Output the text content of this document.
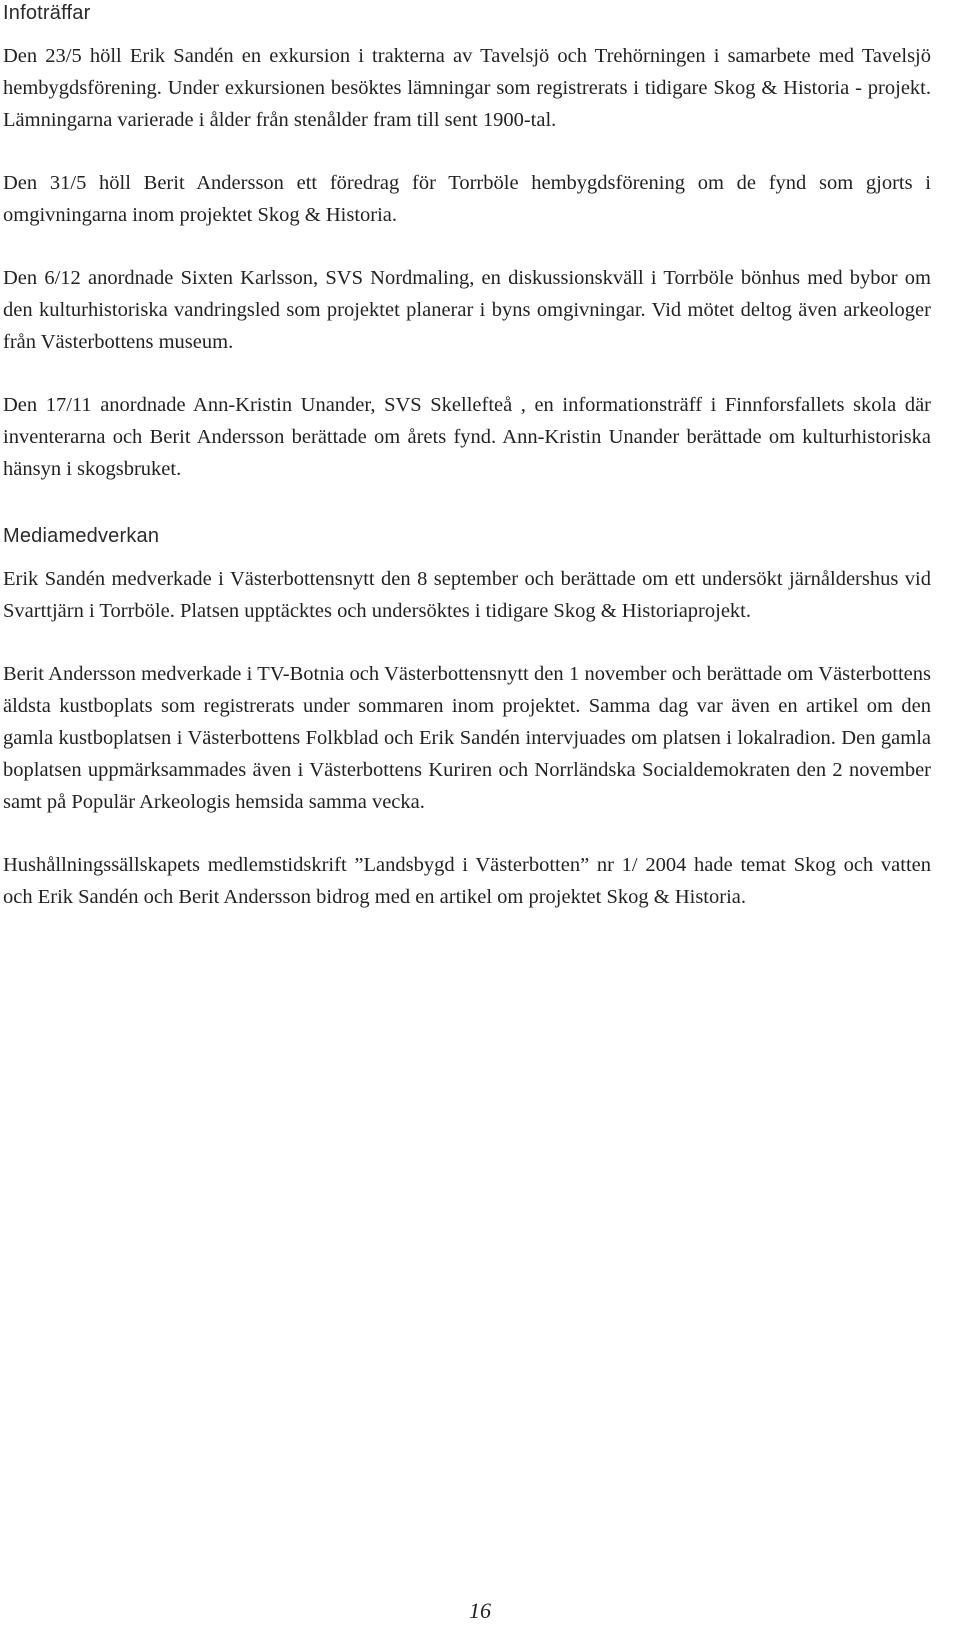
Infoträffar

Den 23/5 höll Erik Sandén en exkursion i trakterna av Tavelsjö och Trehörningen i samarbete med Tavelsjö hembygdsförening. Under exkursionen besöktes lämningar som registrerats i tidigare Skog & Historia - projekt. Lämningarna varierade i ålder från stenålder fram till sent 1900-tal.

Den 31/5 höll Berit Andersson ett föredrag för Torrböle hembygdsförening om de fynd som gjorts i omgivningarna inom projektet Skog & Historia.

Den 6/12 anordnade Sixten Karlsson, SVS Nordmaling, en diskussionskväll i Torrböle bönhus med bybor om den kulturhistoriska vandringsled som projektet planerar i byns omgivningar. Vid mötet deltog även arkeologer från Västerbottens museum.

Den 17/11 anordnade Ann-Kristin Unander, SVS Skellefteå , en informationsträff i Finnforsfallets skola där inventerarna och Berit Andersson berättade om årets fynd. Ann-Kristin Unander berättade om kulturhistoriska hänsyn i skogsbruket.

Mediamedverkan

Erik Sandén medverkade i Västerbottensnytt den 8 september och berättade om ett undersökt järnåldershus vid Svarttjärn i Torrböle. Platsen upptäcktes och undersöktes i tidigare Skog & Historiaprojekt.

Berit Andersson medverkade i TV-Botnia och Västerbottensnytt den 1 november och berättade om Västerbottens äldsta kustboplats som registrerats under sommaren inom projektet. Samma dag var även en artikel om den gamla kustboplatsen i Västerbottens Folkblad och Erik Sandén intervjuades om platsen i lokalradion. Den gamla boplatsen uppmärksammades även i Västerbottens Kuriren och Norrländska Socialdemokraten den 2 november samt på Populär Arkeologis hemsida samma vecka.

Hushållningssällskapets medlemstidskrift ”Landsbygd i Västerbotten” nr 1/ 2004 hade temat Skog och vatten och Erik Sandén och Berit Andersson bidrog med en artikel om projektet Skog & Historia.

16
